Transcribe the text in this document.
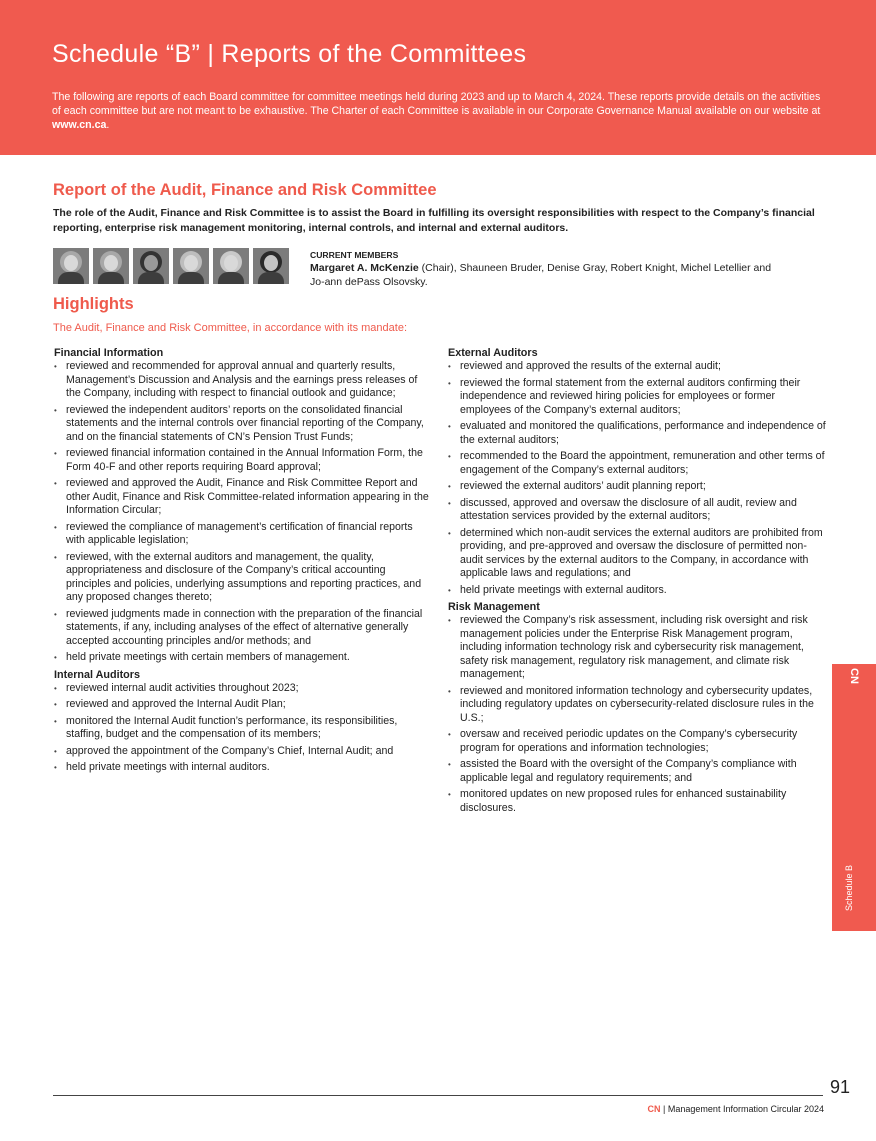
Schedule “B” | Reports of the Committees

The following are reports of each Board committee for committee meetings held during 2023 and up to March 4, 2024. These reports provide details on the activities of each committee but are not meant to be exhaustive. The Charter of each Committee is available in our Corporate Governance Manual available on our website at www.cn.ca.

Report of the Audit, Finance and Risk Committee

The role of the Audit, Finance and Risk Committee is to assist the Board in fulfilling its oversight responsibilities with respect to the Company’s financial reporting, enterprise risk management monitoring, internal controls, and internal and external auditors.

CURRENT MEMBERS
Margaret A. McKenzie (Chair), Shauneen Bruder, Denise Gray, Robert Knight, Michel Letellier and Jo-ann dePass Olsovsky.
Highlights

The Audit, Finance and Risk Committee, in accordance with its mandate:

Financial Information
• reviewed and recommended for approval annual and quarterly results, Management’s Discussion and Analysis and the earnings press releases of the Company, including with respect to financial outlook and guidance;
• reviewed the independent auditors’ reports on the consolidated financial statements and the internal controls over financial reporting of the Company, and on the financial statements of CN’s Pension Trust Funds;
• reviewed financial information contained in the Annual Information Form, the Form 40-F and other reports requiring Board approval;
• reviewed and approved the Audit, Finance and Risk Committee Report and other Audit, Finance and Risk Committee-related information appearing in the Information Circular;
• reviewed the compliance of management’s certification of financial reports with applicable legislation;
• reviewed, with the external auditors and management, the quality, appropriateness and disclosure of the Company’s critical accounting principles and policies, underlying assumptions and reporting practices, and any proposed changes thereto;
• reviewed judgments made in connection with the preparation of the financial statements, if any, including analyses of the effect of alternative generally accepted accounting principles and/or methods; and
• held private meetings with certain members of management.
Internal Auditors
• reviewed internal audit activities throughout 2023;
• reviewed and approved the Internal Audit Plan;
• monitored the Internal Audit function’s performance, its responsibilities, staffing, budget and the compensation of its members;
• approved the appointment of the Company’s Chief, Internal Audit; and
• held private meetings with internal auditors.
External Auditors
• reviewed and approved the results of the external audit;
• reviewed the formal statement from the external auditors confirming their independence and reviewed hiring policies for employees or former employees of the Company’s external auditors;
• evaluated and monitored the qualifications, performance and independence of the external auditors;
• recommended to the Board the appointment, remuneration and other terms of engagement of the Company’s external auditors;
• reviewed the external auditors’ audit planning report;
• discussed, approved and oversaw the disclosure of all audit, review and attestation services provided by the external auditors;
• determined which non-audit services the external auditors are prohibited from providing, and pre-approved and oversaw the disclosure of permitted non-audit services by the external auditors to the Company, in accordance with applicable laws and regulations; and
• held private meetings with external auditors.
Risk Management
• reviewed the Company’s risk assessment, including risk oversight and risk management policies under the Enterprise Risk Management program, including information technology risk and cybersecurity risk management, safety risk management, regulatory risk management, and climate risk management;
• reviewed and monitored information technology and cybersecurity updates, including regulatory updates on cybersecurity-related disclosure rules in the U.S.;
• oversaw and received periodic updates on the Company’s cybersecurity program for operations and information technologies;
• assisted the Board with the oversight of the Company’s compliance with applicable legal and regulatory requirements; and
• monitored updates on new proposed rules for enhanced sustainability disclosures.
CN
Schedule B
91
CN | Management Information Circular 2024
